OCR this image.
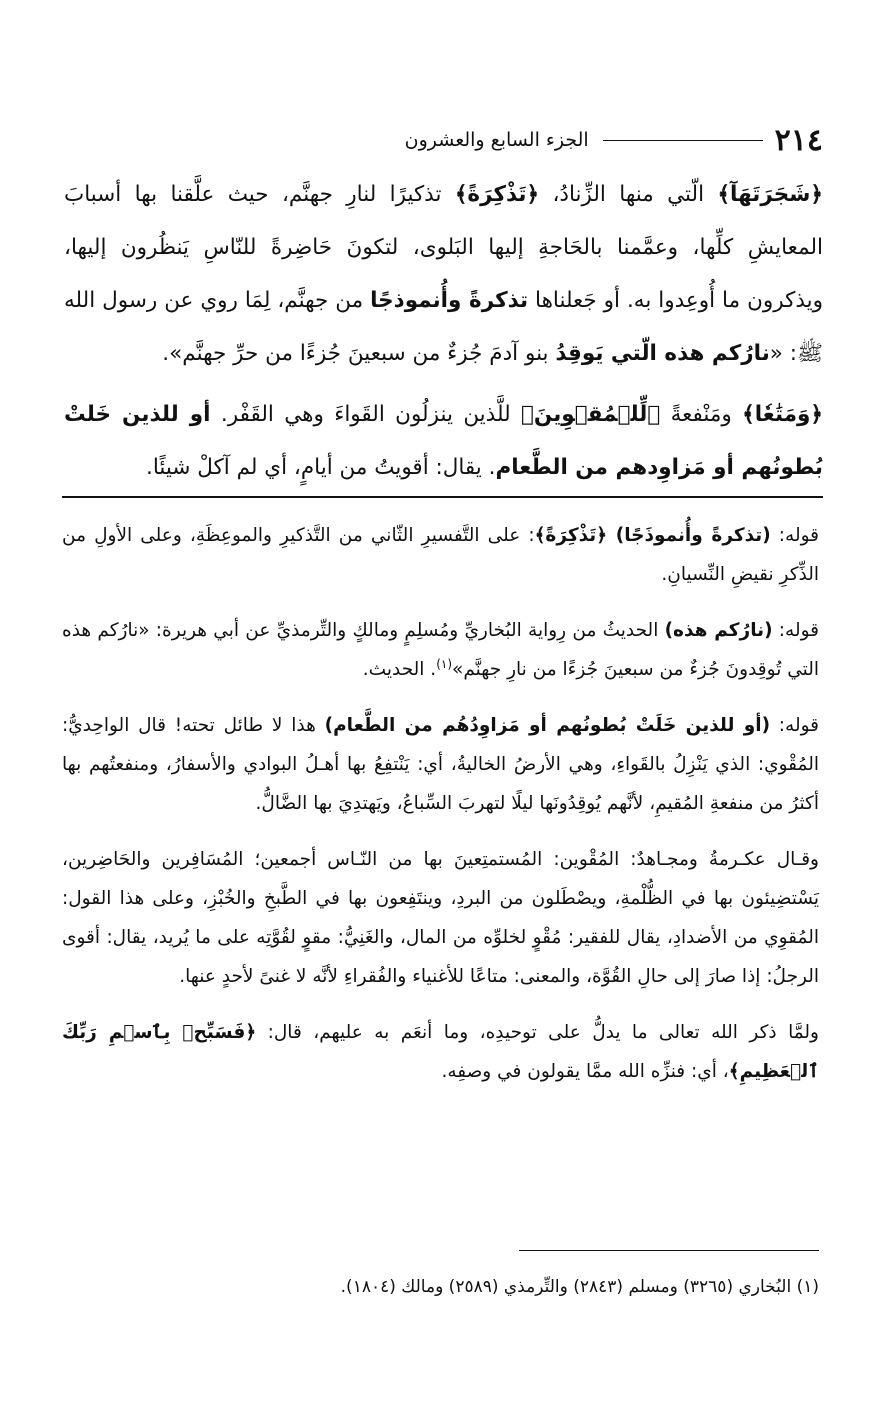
٢١٤
الجزء السابع والعشرون

﴿شَجَرَتَهَآ﴾ الّتي منها الزِّنادُ، ﴿تَذْكِرَةً﴾ تذكيرًا لنارِ جهنَّم، حيث علَّقنا بها أسبابَ المعايشِ كلِّها، وعمَّمنا بالحَاجةِ إليها البَلوى، لتكونَ حَاضِرةً للنّاسِ يَنظُرون إليها، ويذكرون ما أُوعِدوا به. أو جَعلناها تذكرةً وأُنموذجًا من جهنَّم، لِمَا روي عن رسول الله ﷺ: «نارُكم هذه الّتي يَوقِدُ بنو آدمَ جُزءٌ من سبعينَ جُزءًا من حرِّ جهنَّم».

﴿وَمَتَٰعٗا﴾ ومَنْفعةً ﴿لِّلۡمُقۡوِينَ﴾ للَّذين ينزلُون القَواءَ وهي القَفْر. أو للذين خَلتْ بُطونُهم أو مَزاوِدهم من الطَّعام. يقال: أقويتُ من أيامٍ، أي لم آكلْ شيئًا.

قوله: (تذكرةً وأُنموذَجًا) ﴿تَذْكِرَةً﴾: على التَّفسيرِ الثّاني من التَّذكيرِ والموعِظَةِ، وعلى الأولِ من الذِّكرِ نقيضِ النِّسيانِ.

قوله: (نارُكم هذه) الحديثُ من رِواية البُخاريِّ ومُسلِمٍ ومالكٍ والتِّرمذيِّ عن أبي هريرة: «نارُكم هذه التي تُوقِدونَ جُزءٌ من سبعينَ جُزءًا من نارِ جهنَّم»$^{(١)}$. الحديث.

قوله: (أو للذين خَلَتْ بُطونُهم أو مَزاوِدُهُم من الطَّعام) هذا لا طائل تحته! قال الواحِديُّ: المُقْوي: الذي يَنْزِلُ بالقَواءِ، وهي الأرضُ الخاليةُ، أي: يَنْتفِعُ بها أهـلُ البوادي والأسفارُ، ومنفعتُهم بها أكثرُ من منفعةِ المُقيمِ، لأنَّهم يُوقِدُونَها ليلًا لتهربَ السِّباعُ، ويَهتدِيَ بها الضَّالُّ.

وقـال عكـرمةُ ومجـاهدٌ: المُقْوين: المُستمتِعينَ بها من النّـاس أجمعين؛ المُسَافِرين والحَاضِرين، يَسْتضِيئون بها في الظُّلْمةِ، ويصْطَلون من البردِ، وينتَفِعون بها في الطَّبخِ والخُبْزِ، وعلى هذا القول: المُقوِي من الأضدادِ، يقال للفقير: مُقْوٍ لخلوِّه من المال، والغَنِيُّ: مقوٍ لقُوَّتِه على ما يُريد، يقال: أقوى الرجلُ: إذا صارَ إلى حالِ القُوَّة، والمعنى: متاعًا للأغنياء والفُقراءِ لأنَّه لا غنىً لأحدٍ عنها.

ولمَّا ذكر الله تعالى ما يدلُّ على توحيدِه، وما أنعَم به عليهم، قال: ﴿فَسَبِّحۡ بِٱسۡمِ رَبِّكَ ٱلۡعَظِيمِ﴾، أي: فنزِّه الله ممَّا يقولون في وصفِه.

(١) البُخاري (٣٢٦٥) ومسلم (٢٨٤٣) والتِّرمذي (٢٥٨٩) ومالك (١٨٠٤).
